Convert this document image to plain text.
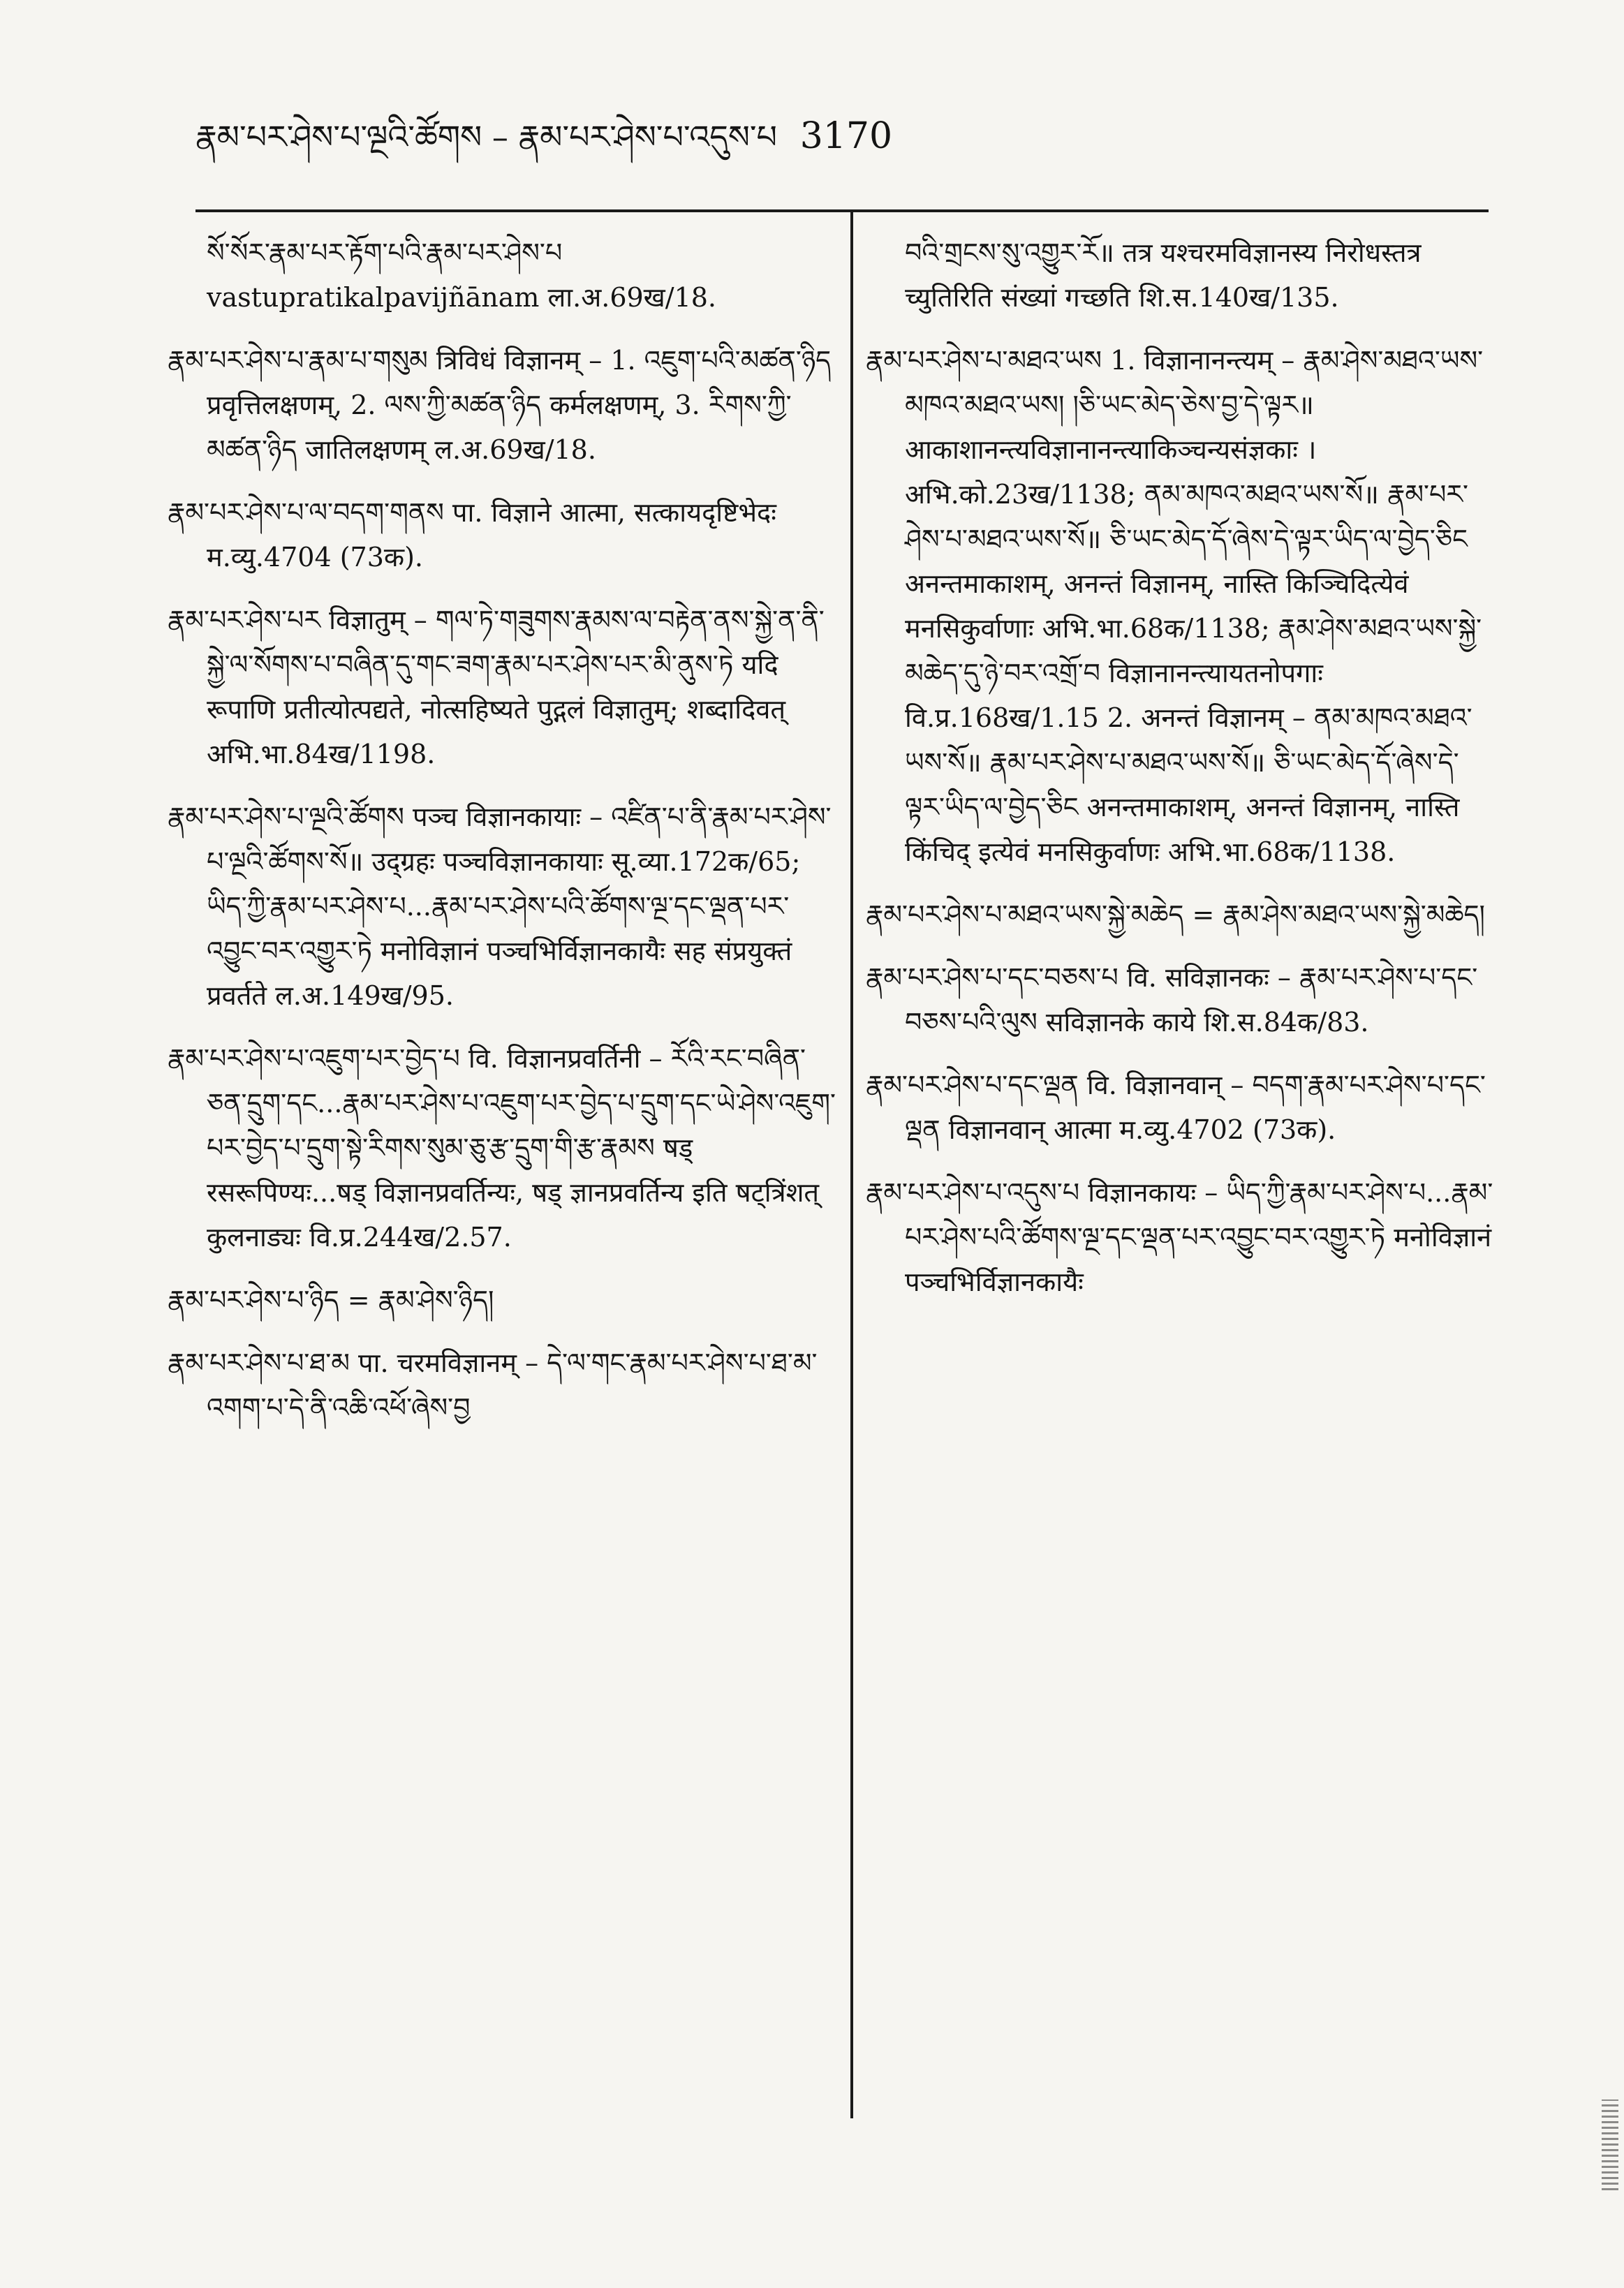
རྣམ་པར་ཤེས་པ་ལྔའི་ཚོགས – རྣམ་པར་ཤེས་པ་འདུས་པ 3170

སོ་སོར་རྣམ་པར་རྟོག་པའི་རྣམ་པར་ཤེས་པ vastupratikalpavijñānam ला.अ.69ख/18.

རྣམ་པར་ཤེས་པ་རྣམ་པ་གསུམ त्रिविधं विज्ञानम् – 1. འཇུག་པའི་མཚན་ཉིད प्रवृत्तिलक्षणम्, 2. ལས་ཀྱི་མཚན་ཉིད कर्मलक्षणम्, 3. རིགས་ཀྱི་མཚན་ཉིད जातिलक्षणम् ल.अ.69ख/18.

རྣམ་པར་ཤེས་པ་ལ་བདག་གནས पा. विज्ञाने आत्मा, सत्कायदृष्टिभेदः म.व्यु.4704 (73क).

རྣམ་པར་ཤེས་པར विज्ञातुम् – གལ་ཏེ་གཟུགས་རྣམས་ལ་བརྟེན་ནས་སྐྱེ་ན་ནི་སྐྱེ་ལ་སོགས་པ་བཞིན་དུ་གང་ཟག་རྣམ་པར་ཤེས་པར་མི་ནུས་ཏེ यदि रूपाणि प्रतीत्योत्पद्यते, नोत्सहिष्यते पुद्गलं विज्ञातुम्; शब्दादिवत् अभि.भा.84ख/1198.

རྣམ་པར་ཤེས་པ་ལྔའི་ཚོགས पञ्च विज्ञानकायाः – འཛིན་པ་ནི་རྣམ་པར་ཤེས་པ་ལྔའི་ཚོགས་སོ॥ उद्ग्रहः पञ्चविज्ञानकायाः सू.व्या.172क/65; ཡིད་ཀྱི་རྣམ་པར་ཤེས་པ...རྣམ་པར་ཤེས་པའི་ཚོགས་ལྔ་དང་ལྡན་པར་འབྱུང་བར་འགྱུར་ཏེ मनोविज्ञानं पञ्चभिर्विज्ञानकायैः सह संप्रयुक्तं प्रवर्तते ल.अ.149ख/95.

རྣམ་པར་ཤེས་པ་འཇུག་པར་བྱེད་པ वि. विज्ञानप्रवर्तिनी – རོའི་རང་བཞིན་ཅན་དྲུག་དང...རྣམ་པར་ཤེས་པ་འཇུག་པར་བྱེད་པ་དྲུག་དང་ཡེ་ཤེས་འཇུག་པར་བྱེད་པ་དྲུག་སྟེ་རིགས་སུམ་ཅུ་རྩ་དྲུག་གི་རྩ་རྣམས षड् रसरूपिण्यः...षड् विज्ञानप्रवर्तिन्यः, षड् ज्ञानप्रवर्तिन्य इति षट्त्रिंशत् कुलनाड्यः वि.प्र.244ख/2.57.

རྣམ་པར་ཤེས་པ་ཉིད = རྣམ་ཤེས་ཉིད།

རྣམ་པར་ཤེས་པ་ཐ་མ पा. चरमविज्ञानम् – དེ་ལ་གང་རྣམ་པར་ཤེས་པ་ཐ་མ་འགག་པ་དེ་ནི་འཆི་འཕོ་ཞེས་བྱ

བའི་གྲངས་སུ་འགྱུར་རོ॥ तत्र यश्चरमविज्ञानस्य निरोधस्तत्र च्युतिरिति संख्यां गच्छति शि.स.140ख/135.

རྣམ་པར་ཤེས་པ་མཐའ་ཡས 1. विज्ञानानन्त्यम् – རྣམ་ཤེས་མཐའ་ཡས་མཁའ་མཐའ་ཡས། །ཅི་ཡང་མེད་ཅེས་བྱ་དེ་ལྟར॥ आकाशानन्त्यविज्ञानानन्त्याकिञ्चन्यसंज्ञकाः । अभि.को.23ख/1138; ནམ་མཁའ་མཐའ་ཡས་སོ॥ རྣམ་པར་ཤེས་པ་མཐའ་ཡས་སོ॥ ཅི་ཡང་མེད་དོ་ཞེས་དེ་ལྟར་ཡིད་ལ་བྱེད་ཅིང अनन्तमाकाशम्, अनन्तं विज्ञानम्, नास्ति किञ्चिदित्येवं मनसिकुर्वाणाः अभि.भा.68क/1138; རྣམ་ཤེས་མཐའ་ཡས་སྐྱེ་མཆེད་དུ་ཉེ་བར་འགྲོ་བ विज्ञानानन्त्यायतनोपगाः वि.प्र.168ख/1.15 2. अनन्तं विज्ञानम् – ནམ་མཁའ་མཐའ་ཡས་སོ॥ རྣམ་པར་ཤེས་པ་མཐའ་ཡས་སོ॥ ཅི་ཡང་མེད་དོ་ཞེས་དེ་ལྟར་ཡིད་ལ་བྱེད་ཅིང अनन्तमाकाशम्, अनन्तं विज्ञानम्, नास्ति किंचिद् इत्येवं मनसिकुर्वाणः अभि.भा.68क/1138.

རྣམ་པར་ཤེས་པ་མཐའ་ཡས་སྐྱེ་མཆེད = རྣམ་ཤེས་མཐའ་ཡས་སྐྱེ་མཆེད།

རྣམ་པར་ཤེས་པ་དང་བཅས་པ वि. सविज्ञानकः – རྣམ་པར་ཤེས་པ་དང་བཅས་པའི་ལུས सविज्ञानके काये शि.स.84क/83.

རྣམ་པར་ཤེས་པ་དང་ལྡན वि. विज्ञानवान् – བདག་རྣམ་པར་ཤེས་པ་དང་ལྡན विज्ञानवान् आत्मा म.व्यु.4702 (73क).

རྣམ་པར་ཤེས་པ་འདུས་པ विज्ञानकायः – ཡིད་ཀྱི་རྣམ་པར་ཤེས་པ...རྣམ་པར་ཤེས་པའི་ཚོགས་ལྔ་དང་ལྡན་པར་འབྱུང་བར་འགྱུར་ཏེ मनोविज्ञानं पञ्चभिर्विज्ञानकायैः
